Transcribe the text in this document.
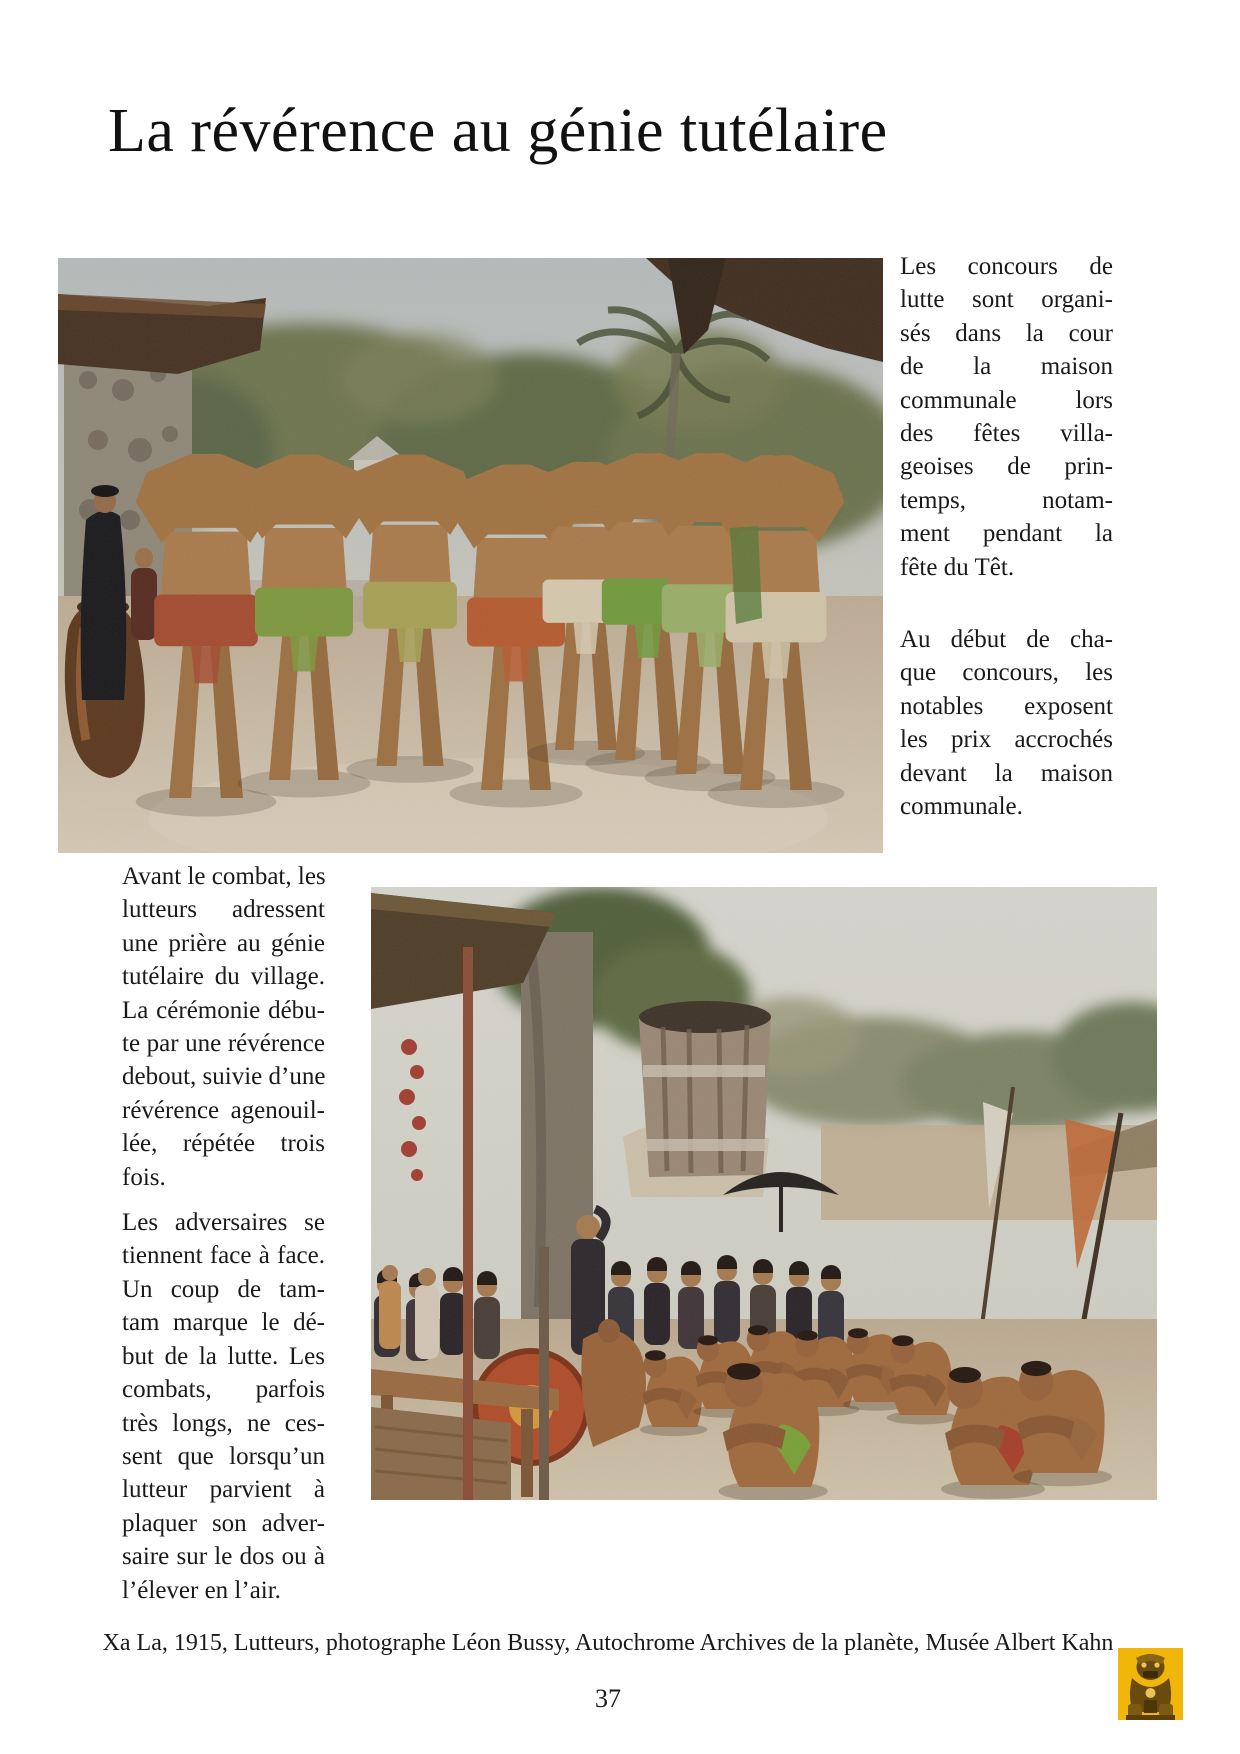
La révérence au génie tutélaire
Les concours de
lutte sont organi-
sés dans la cour
de la maison
communale lors
des fêtes villa-
geoises de prin-
temps, notam-
ment pendant la
fête du Têt.
Au début de cha-
que concours, les
notables exposent
les prix accrochés
devant la maison
communale.
Avant le combat, les
lutteurs adressent
une prière au génie
tutélaire du village.
La cérémonie débu-
te par une révérence
debout, suivie d’une
révérence agenouil-
lée, répétée trois
fois.
Les adversaires se
tiennent face à face.
Un coup de tam-
tam marque le dé-
but de la lutte. Les
combats, parfois
très longs, ne ces-
sent que lorsqu’un
lutteur parvient à
plaquer son adver-
saire sur le dos ou à
l’élever en l’air.
Xa La, 1915, Lutteurs, photographe Léon Bussy, Autochrome Archives de la planète, Musée Albert Kahn
37
